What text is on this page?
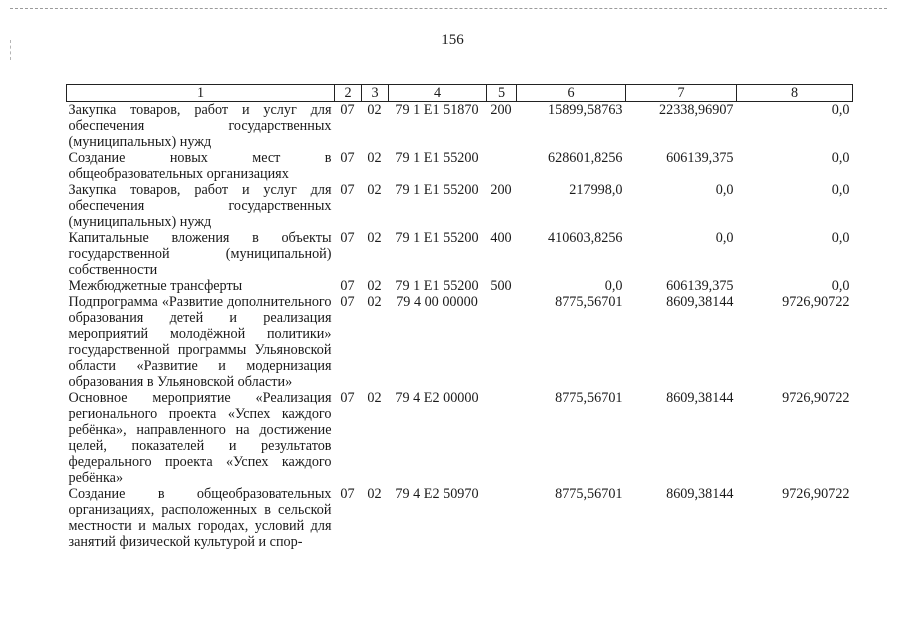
156
1	2	3	4	5	6	7	8
Закупка товаров, работ и услуг для обеспечения государственных (муниципальных) нужд	07	02	79 1 E1 51870	200	15899,58763	22338,96907	0,0
Создание новых мест в общеобразовательных организациях	07	02	79 1 E1 55200		628601,8256	606139,375	0,0
Закупка товаров, работ и услуг для обеспечения государственных (муниципальных) нужд	07	02	79 1 E1 55200	200	217998,0	0,0	0,0
Капитальные вложения в объекты государственной (муниципальной) собственности	07	02	79 1 E1 55200	400	410603,8256	0,0	0,0
Межбюджетные трансферты	07	02	79 1 E1 55200	500	0,0	606139,375	0,0
Подпрограмма «Развитие дополнительного образования детей и реализация мероприятий молодёжной политики» государственной программы Ульяновской области «Развитие и модернизация образования в Ульяновской области»	07	02	79 4 00 00000		8775,56701	8609,38144	9726,90722
Основное мероприятие «Реализация регионального проекта «Успех каждого ребёнка», направленного на достижение целей, показателей и результатов федерального проекта «Успех каждого ребёнка»	07	02	79 4 E2 00000		8775,56701	8609,38144	9726,90722
Создание в общеобразовательных организациях, расположенных в сельской местности и малых городах, условий для занятий физической культурой и спор-	07	02	79 4 E2 50970		8775,56701	8609,38144	9726,90722
